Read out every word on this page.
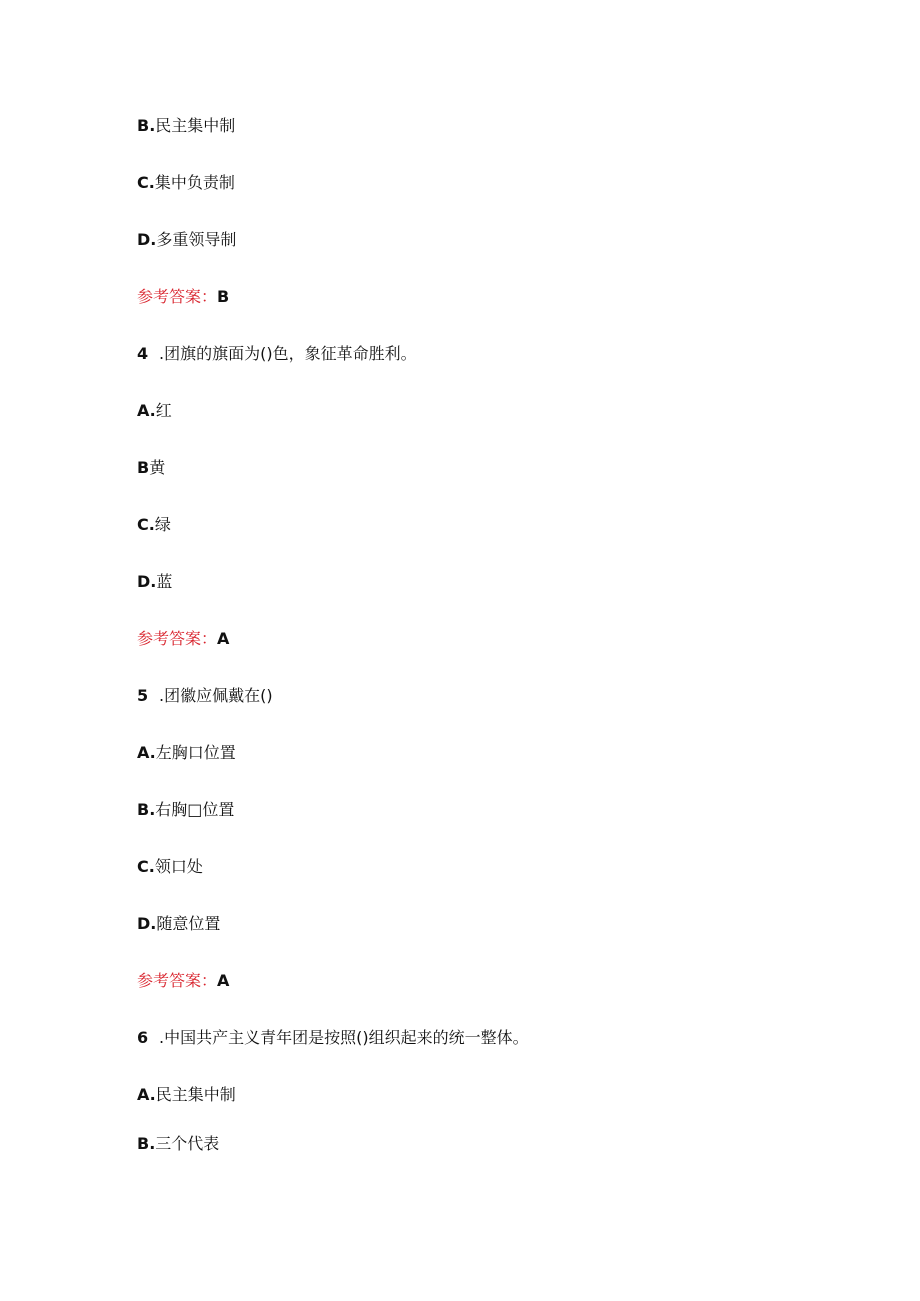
B.民主集中制
C.集中负责制
D.多重领导制
参考答案：B
4 .团旗的旗面为()色，象征革命胜利。
A.红
B黄
C.绿
D.蓝
参考答案：A
5 .团徽应佩戴在()
A.左胸口位置
B.右胸□位置
C.领口处
D.随意位置
参考答案：A
6 .中国共产主义青年团是按照()组织起来的统一整体。
A.民主集中制
B.三个代表
